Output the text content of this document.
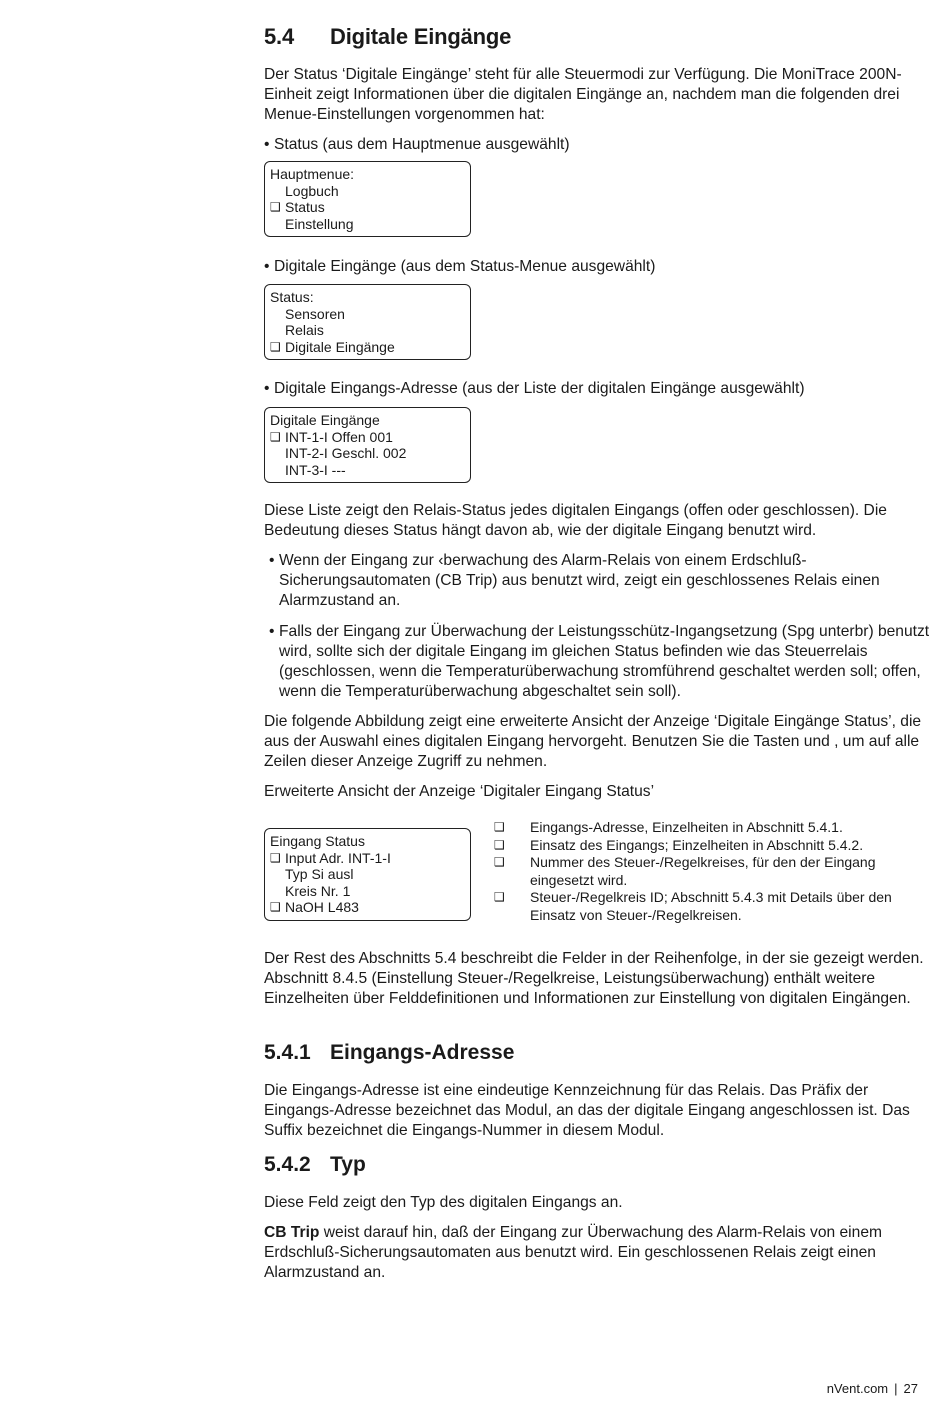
5.4 Digitale Eingänge

Der Status ‘Digitale Eingänge’ steht für alle Steuermodi zur Verfügung. Die MoniTrace 200N-Einheit zeigt Informationen über die digitalen Eingänge an, nachdem man die folgenden drei Menue-Einstellungen vorgenommen hat:

• Status (aus dem Hauptmenue ausgewählt)
Hauptmenue:
Logbuch
❑ Status
Einstellung
• Digitale Eingänge (aus dem Status-Menue ausgewählt)
Status:
Sensoren
Relais
❑ Digitale Eingänge
• Digitale Eingangs-Adresse (aus der Liste der digitalen Eingänge ausgewählt)
Digitale Eingänge
❑ INT-1-I Offen 001
INT-2-I Geschl. 002
INT-3-I ---

Diese Liste zeigt den Relais-Status jedes digitalen Eingangs (offen oder geschlossen). Die Bedeutung dieses Status hängt davon ab, wie der digitale Eingang benutzt wird.

• Wenn der Eingang zur ‹berwachung des Alarm-Relais von einem Erdschluß-Sicherungsautomaten (CB Trip) aus benutzt wird, zeigt ein geschlossenes Relais einen Alarmzustand an.
• Falls der Eingang zur Überwachung der Leistungsschütz-Ingangsetzung (Spg unterbr) benutzt wird, sollte sich der digitale Eingang im gleichen Status befinden wie das Steuerrelais (geschlossen, wenn die Temperaturüberwachung stromführend geschaltet werden soll; offen, wenn die Temperaturüberwachung abgeschaltet sein soll).

Die folgende Abbildung zeigt eine erweiterte Ansicht der Anzeige ‘Digitale Eingänge Status’, die aus der Auswahl eines digitalen Eingang hervorgeht. Benutzen Sie die Tasten und , um auf alle Zeilen dieser Anzeige Zugriff zu nehmen.

Erweiterte Ansicht der Anzeige ‘Digitaler Eingang Status’

Eingang Status
❑ Input Adr. INT-1-I
Typ Si ausl
Kreis Nr. 1
❑ NaOH L483
❑	Eingangs-Adresse, Einzelheiten in Abschnitt 5.4.1.
❑	Einsatz des Eingangs; Einzelheiten in Abschnitt 5.4.2.
❑	Nummer des Steuer-/Regelkreises, für den der Eingang eingesetzt wird.
❑	Steuer-/Regelkreis ID; Abschnitt 5.4.3 mit Details über den Einsatz von Steuer-/Regelkreisen.

Der Rest des Abschnitts 5.4 beschreibt die Felder in der Reihenfolge, in der sie gezeigt werden. Abschnitt 8.4.5 (Einstellung Steuer-/Regelkreise, Leistungsüberwachung) enthält weitere Einzelheiten über Felddefinitionen und Informationen zur Einstellung von digitalen Eingängen.

5.4.1 Eingangs-Adresse

Die Eingangs-Adresse ist eine eindeutige Kennzeichnung für das Relais. Das Präfix der Eingangs-Adresse bezeichnet das Modul, an das der digitale Eingang angeschlossen ist. Das Suffix bezeichnet die Eingangs-Nummer in diesem Modul.

5.4.2 Typ

Diese Feld zeigt den Typ des digitalen Eingangs an.

CB Trip weist darauf hin, daß der Eingang zur Überwachung des Alarm-Relais von einem Erdschluß-Sicherungsautomaten aus benutzt wird. Ein geschlossenen Relais zeigt einen Alarmzustand an.

nVent.com | 27
